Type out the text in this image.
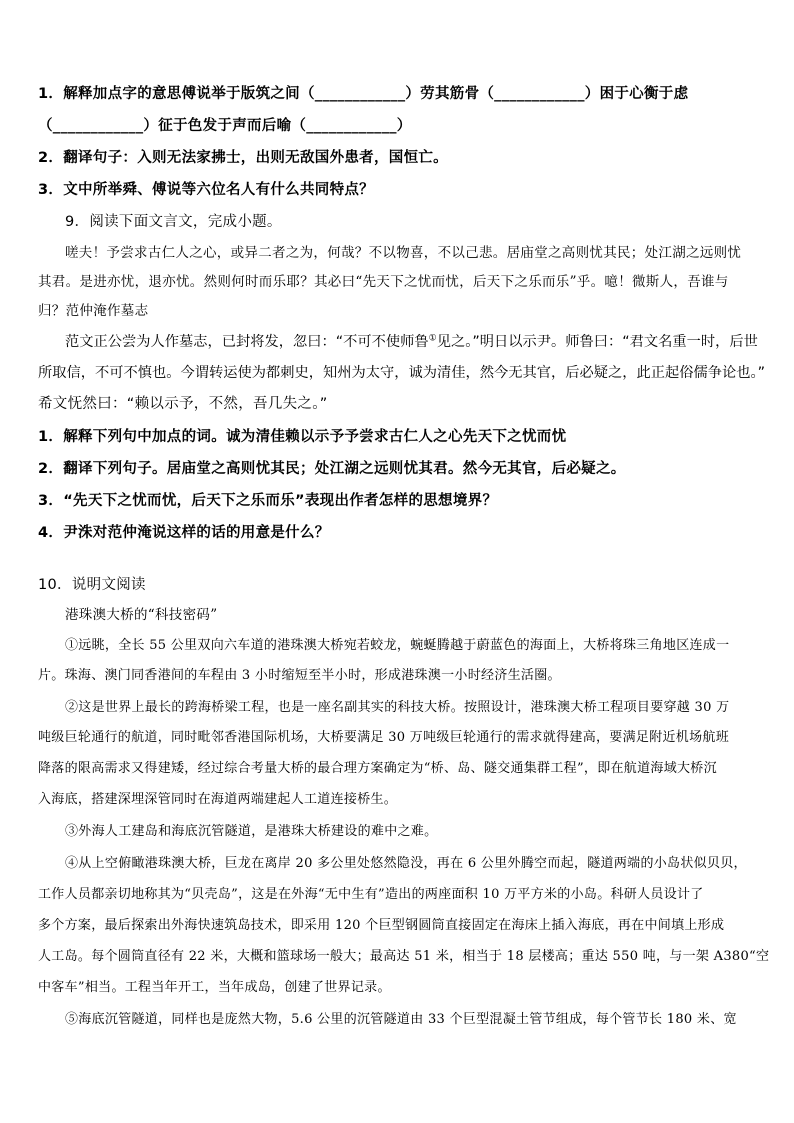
1．解释加点字的意思傅说举于版筑之间（____________）劳其筋骨（____________）困于心衡于虑
（____________）征于色发于声而后喻（____________）
2．翻译句子：入则无法家拂士，出则无敌国外患者，国恒亡。
3．文中所举舜、傅说等六位名人有什么共同特点？
9．阅读下面文言文，完成小题。
嗟夫！予尝求古仁人之心，或异二者之为，何哉？不以物喜，不以己悲。居庙堂之高则忧其民；处江湖之远则忧
其君。是进亦忧，退亦忧。然则何时而乐耶？其必曰“先天下之忧而忧，后天下之乐而乐”乎。噫！微斯人，吾谁与
归？范仲淹作墓志
范文正公尝为人作墓志，已封将发，忽曰：“不可不使师鲁①见之。”明日以示尹。师鲁曰：“君文名重一时，后世
所取信，不可不慎也。今谓转运使为都刺史，知州为太守，诚为清佳，然今无其官，后必疑之，此正起俗儒争论也。”
希文怃然曰：“赖以示予，不然，吾几失之。”
1．解释下列句中加点的词。诚为清佳赖以示予予尝求古仁人之心先天下之忧而忧
2．翻译下列句子。居庙堂之高则忧其民；处江湖之远则忧其君。然今无其官，后必疑之。
3．“先天下之忧而忧，后天下之乐而乐”表现出作者怎样的思想境界？
4．尹洙对范仲淹说这样的话的用意是什么？
10．说明文阅读
港珠澳大桥的“科技密码”
①远眺，全长 55 公里双向六车道的港珠澳大桥宛若蛟龙，蜿蜒腾越于蔚蓝色的海面上，大桥将珠三角地区连成一
片。珠海、澳门同香港间的车程由 3 小时缩短至半小时，形成港珠澳一小时经济生活圈。
②这是世界上最长的跨海桥梁工程，也是一座名副其实的科技大桥。按照设计，港珠澳大桥工程项目要穿越 30 万
吨级巨轮通行的航道，同时毗邻香港国际机场，大桥要满足 30 万吨级巨轮通行的需求就得建高，要满足附近机场航班
降落的限高需求又得建矮，经过综合考量大桥的最合理方案确定为“桥、岛、隧交通集群工程”，即在航道海域大桥沉
入海底，搭建深埋深管同时在海道两端建起人工道连接桥生。
③外海人工建岛和海底沉管隧道，是港珠大桥建设的难中之难。
④从上空俯瞰港珠澳大桥，巨龙在离岸 20 多公里处悠然隐没，再在 6 公里外腾空而起，隧道两端的小岛状似贝贝，
工作人员都亲切地称其为“贝壳岛”，这是在外海“无中生有”造出的两座面积 10 万平方米的小岛。科研人员设计了
多个方案，最后探索出外海快速筑岛技术，即采用 120 个巨型钢圆筒直接固定在海床上插入海底，再在中间填上形成
人工岛。每个圆筒直径有 22 米，大概和篮球场一般大；最高达 51 米，相当于 18 层楼高；重达 550 吨，与一架 A380“空
中客车”相当。工程当年开工，当年成岛，创建了世界记录。
⑤海底沉管隧道，同样也是庞然大物，5.6 公里的沉管隧道由 33 个巨型混凝土管节组成，每个管节长 180 米、宽
